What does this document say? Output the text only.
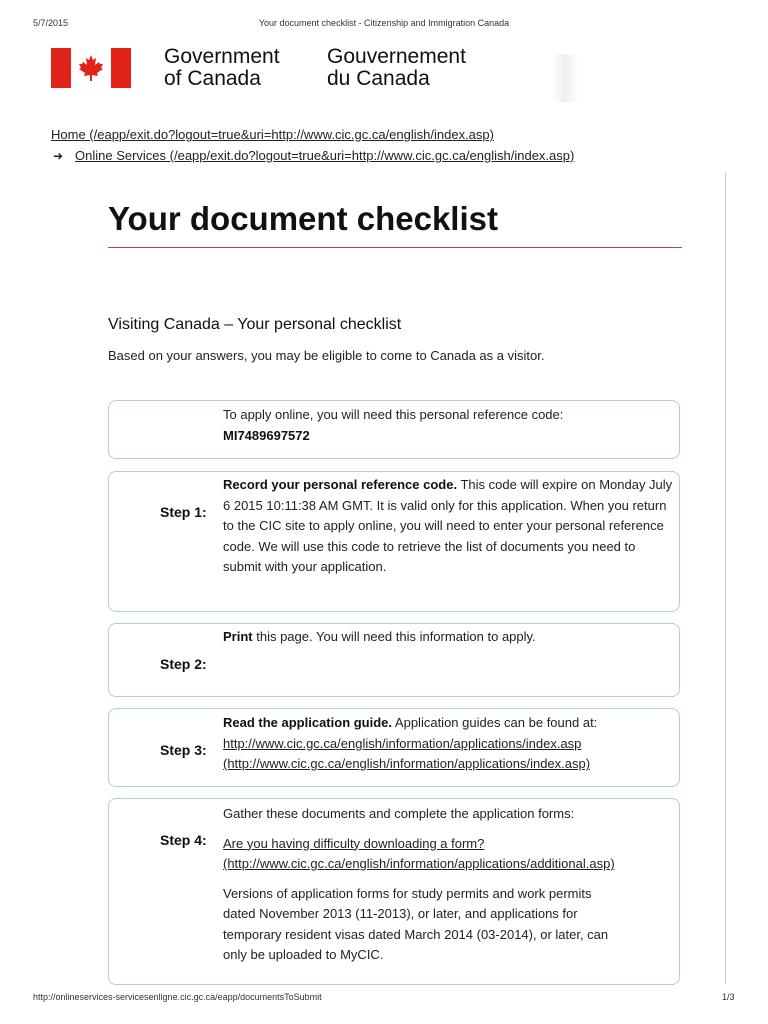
5/7/2015	Your document checklist - Citizenship and Immigration Canada
Government
of Canada
Gouvernement
du Canada
Home (/eapp/exit.do?logout=true&uri=http://www.cic.gc.ca/english/index.asp)
➜ Online Services (/eapp/exit.do?logout=true&uri=http://www.cic.gc.ca/english/index.asp)
Your document checklist
Visiting Canada – Your personal checklist
Based on your answers, you may be eligible to come to Canada as a visitor.

To apply online, you will need this personal reference code:

MI7489697572

Step 1:

Record your personal reference code. This code will expire on Monday July 6 2015 10:11:38 AM GMT. It is valid only for this application. When you return to the CIC site to apply online, you will need to enter your personal reference code. We will use this code to retrieve the list of documents you need to submit with your application.

Step 2:

Print this page. You will need this information to apply.

Step 3:

Read the application guide. Application guides can be found at:

http://www.cic.gc.ca/english/information/applications/index.asp

(http://www.cic.gc.ca/english/information/applications/index.asp)

Step 4:

Gather these documents and complete the application forms:

Are you having difficulty downloading a form?

(http://www.cic.gc.ca/english/information/applications/additional.asp)

Versions of application forms for study permits and work permits dated November 2013 (11-2013), or later, and applications for temporary resident visas dated March 2014 (03-2014), or later, can only be uploaded to MyCIC.

http://onlineservices-servicesenligne.cic.gc.ca/eapp/documentsToSubmit	1/3
